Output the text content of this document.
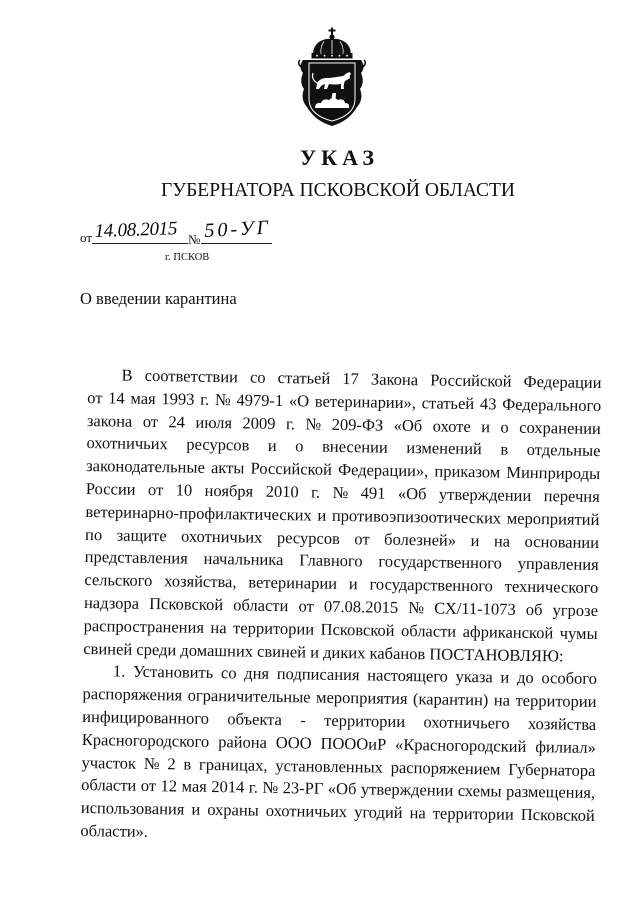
УКАЗ
ГУБЕРНАТОРА ПСКОВСКОЙ ОБЛАСТИ
от 14.08.2015 № 50-УГ
г. ПСКОВ
О введении карантина
В соответствии со статьей 17 Закона Российской Федерации
от 14 мая 1993 г. № 4979-1 «О ветеринарии», статьей 43 Федерального
закона от 24 июля 2009 г. № 209-ФЗ «Об охоте и о сохранении
охотничьих ресурсов и о внесении изменений в отдельные
законодательные акты Российской Федерации», приказом Минприроды
России от 10 ноября 2010 г. № 491 «Об утверждении перечня
ветеринарно-профилактических и противоэпизоотических мероприятий
по защите охотничьих ресурсов от болезней» и на основании
представления начальника Главного государственного управления
сельского хозяйства, ветеринарии и государственного технического
надзора Псковской области от 07.08.2015 № СХ/11-1073 об угрозе
распространения на территории Псковской области африканской чумы
свиней среди домашних свиней и диких кабанов ПОСТАНОВЛЯЮ:
1. Установить со дня подписания настоящего указа и до особого
распоряжения ограничительные мероприятия (карантин) на территории
инфицированного объекта - территории охотничьего хозяйства
Красногородского района ООО ПОООиР «Красногородский филиал»
участок № 2 в границах, установленных распоряжением Губернатора
области от 12 мая 2014 г. № 23-РГ «Об утверждении схемы размещения,
использования и охраны охотничьих угодий на территории Псковской
области».
